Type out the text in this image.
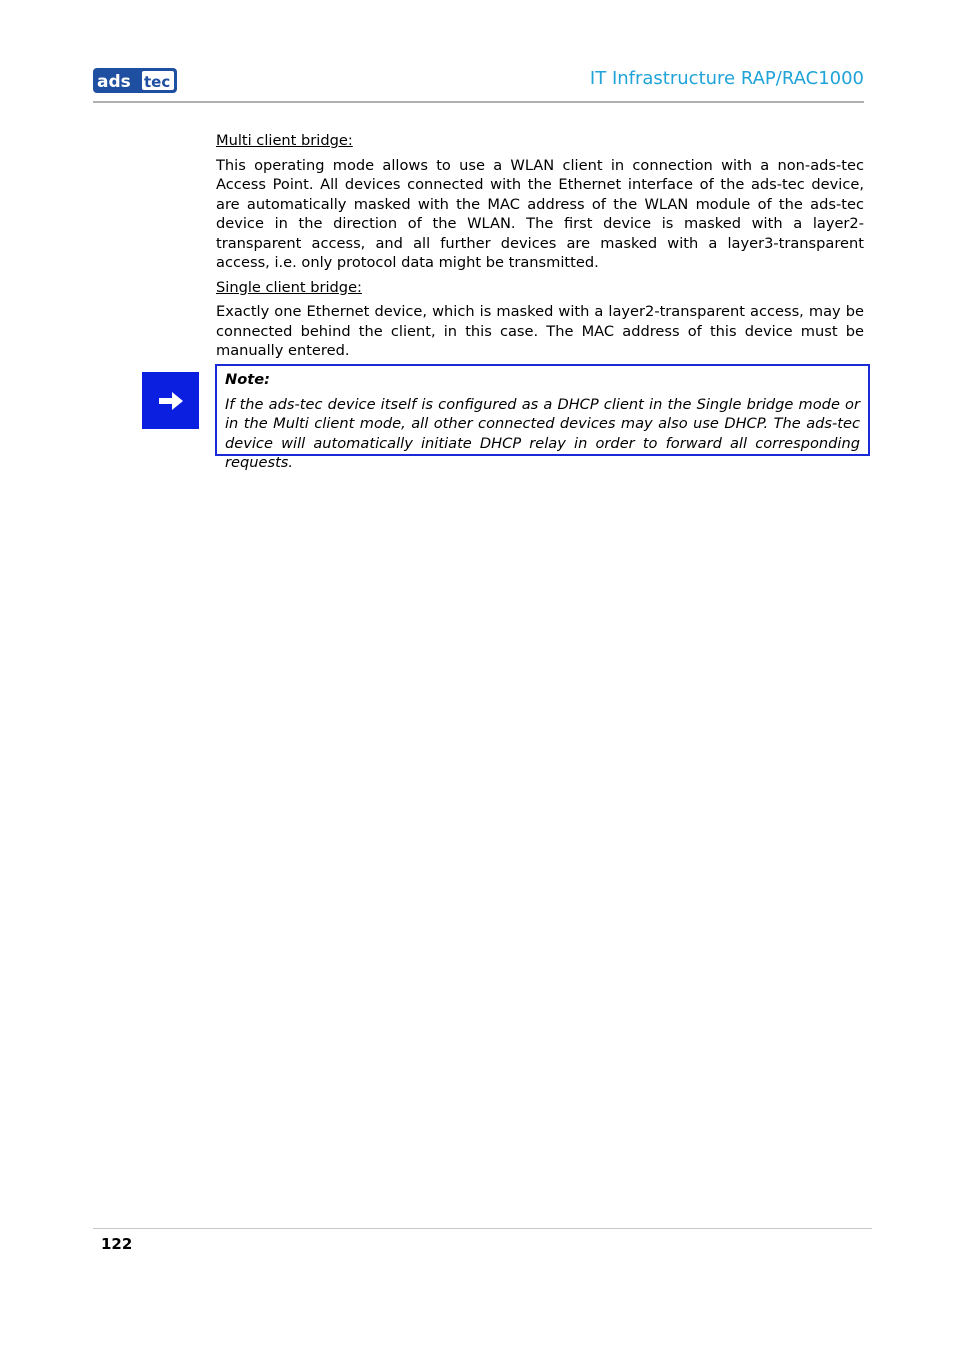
ads tec	IT Infrastructure RAP/RAC1000
Multi client bridge:
This operating mode allows to use a WLAN client in connection with a non-ads-tec Access Point. All devices connected with the Ethernet interface of the ads-tec device, are automatically masked with the MAC address of the WLAN module of the ads-tec device in the direction of the WLAN. The first device is masked with a layer2-transparent access, and all further devices are masked with a layer3-transparent access, i.e. only protocol data might be transmitted.
Single client bridge:
Exactly one Ethernet device, which is masked with a layer2-transparent access, may be connected behind the client, in this case. The MAC address of this device must be manually entered.
Note:
If the ads-tec device itself is configured as a DHCP client in the Single bridge mode or in the Multi client mode, all other connected devices may also use DHCP. The ads-tec device will automatically initiate DHCP relay in order to forward all corresponding requests.
122
